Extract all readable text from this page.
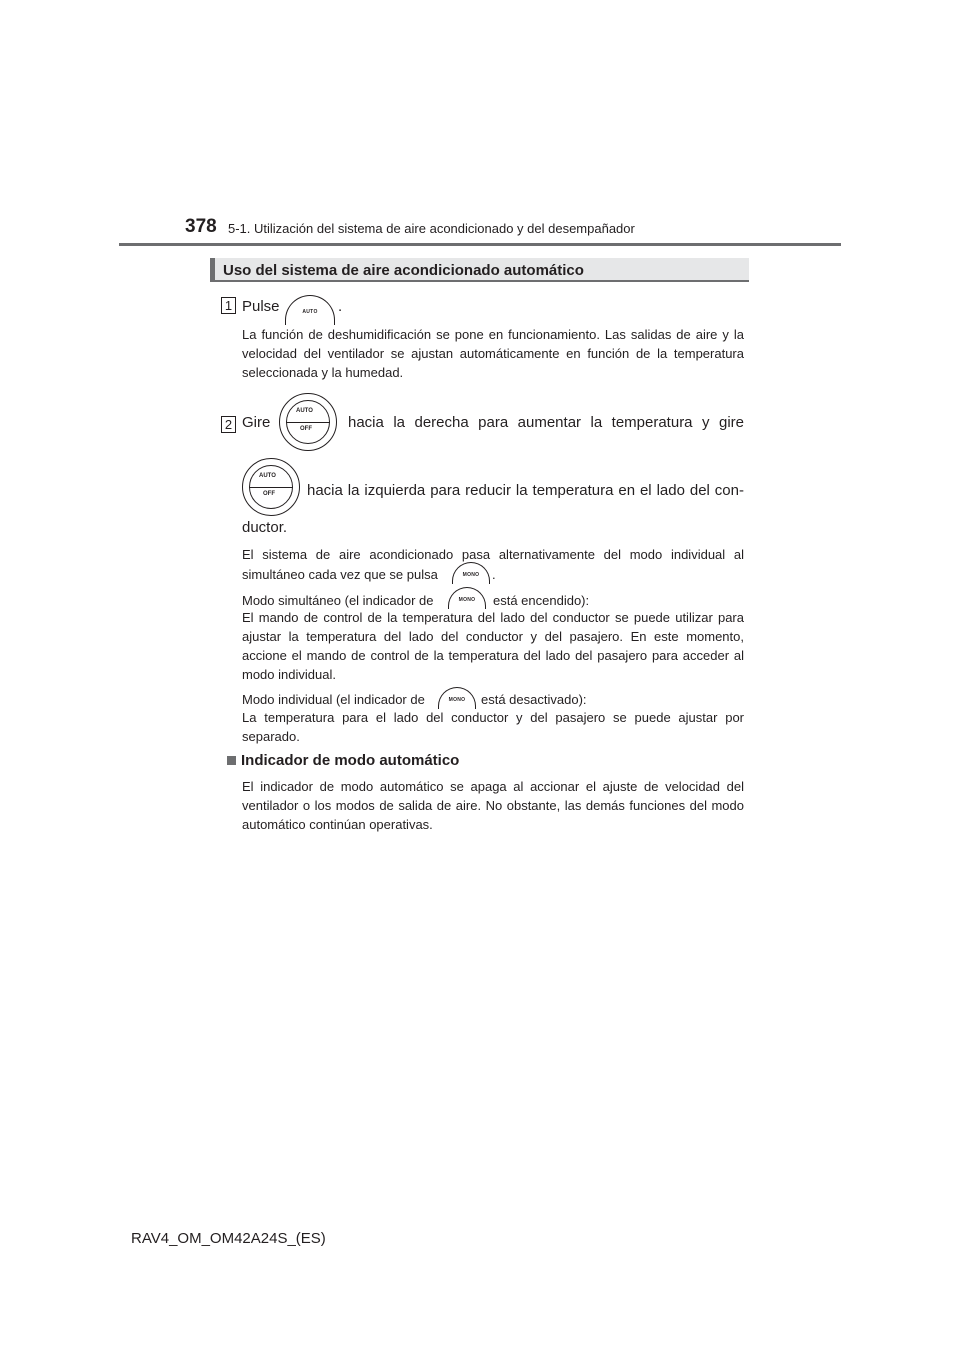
378 5-1. Utilización del sistema de aire acondicionado y del desempañador
Uso del sistema de aire acondicionado automático
1 Pulse	AUTO	.
La función de deshumidificación se pone en funcionamiento. Las salidas de aire y la velocidad del ventilador se ajustan automáticamente en función de la temperatura seleccionada y la humedad.
2 Gire
AUTO
OFF hacia la derecha para aumentar la temperatura y gire
AUTO
OFF hacia la izquierda para reducir la temperatura en el lado del con-
ductor.
El sistema de aire acondicionado pasa alternativamente del modo individual al
simultáneo cada vez que se pulsa	MONO .
Modo simultáneo (el indicador de	MONO	está encendido):
El mando de control de la temperatura del lado del conductor se puede utilizar para ajustar la temperatura del lado del conductor y del pasajero. En este momento, accione el mando de control de la temperatura del lado del pasajero para acceder al modo individual.
Modo individual (el indicador de	MONO	está desactivado):
La temperatura para el lado del conductor y del pasajero se puede ajustar por separado.
Indicador de modo automático
El indicador de modo automático se apaga al accionar el ajuste de velocidad del ventilador o los modos de salida de aire. No obstante, las demás funciones del modo automático continúan operativas.
RAV4_OM_OM42A24S_(ES)
